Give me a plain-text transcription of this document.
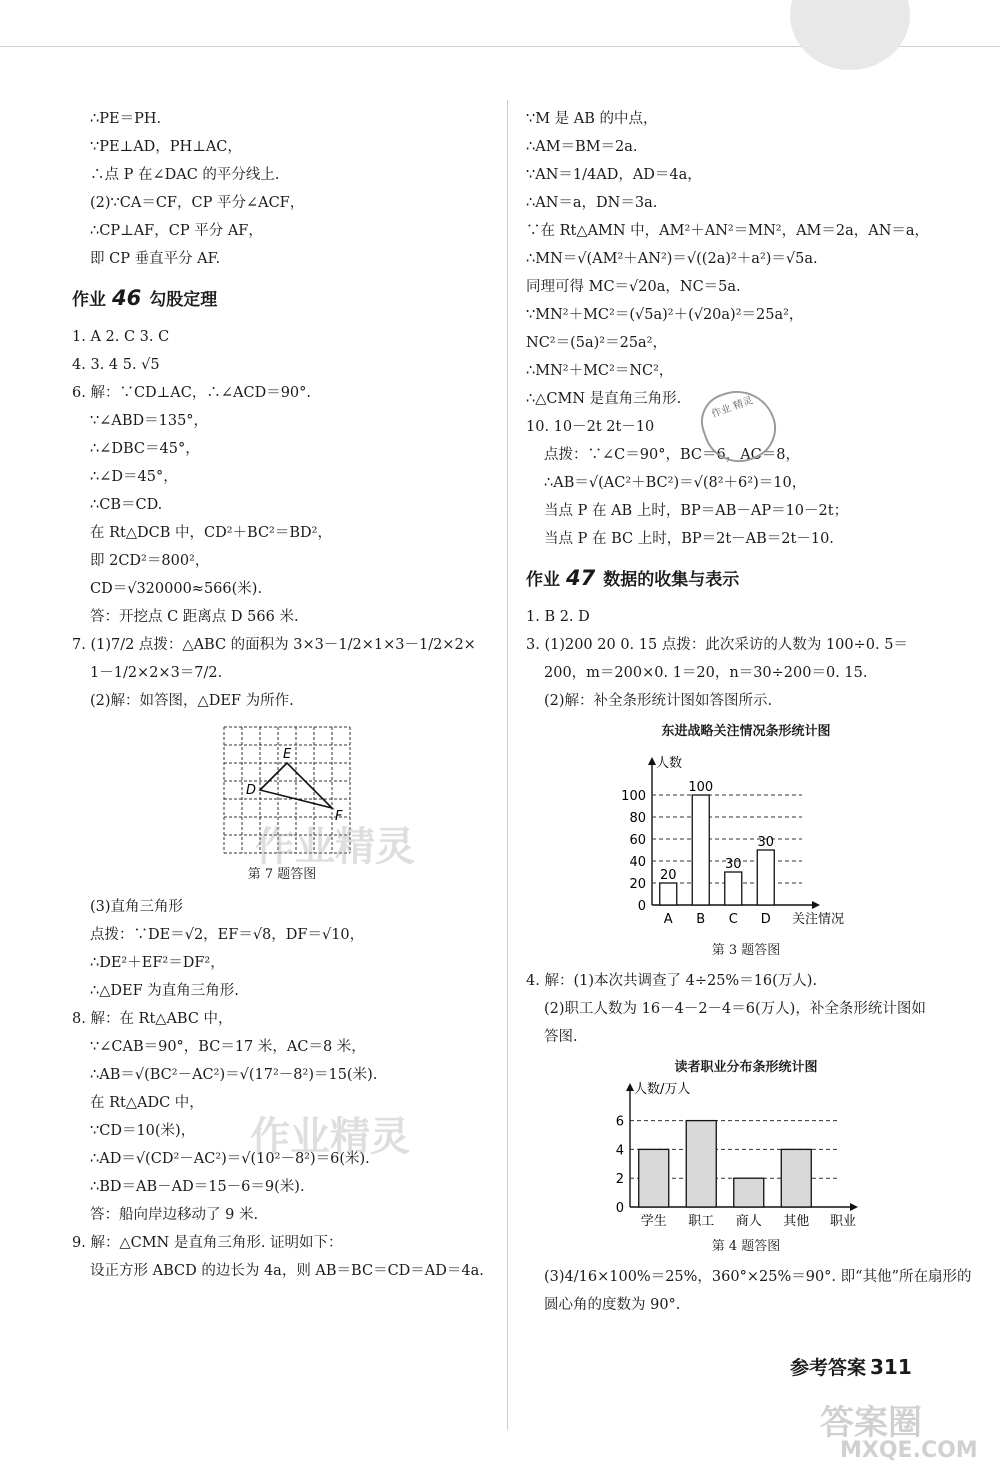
∴PE＝PH.
∵PE⊥AD，PH⊥AC，
∴点 P 在∠DAC 的平分线上.
(2)∵CA＝CF，CP 平分∠ACF，
∴CP⊥AF，CP 平分 AF，
即 CP 垂直平分 AF.
作业 46 勾股定理
1. A 2. C 3. C
4. 3. 4 5. √5
6. 解：∵CD⊥AC，∴∠ACD＝90°.
∵∠ABD＝135°，
∴∠DBC＝45°，
∴∠D＝45°，
∴CB＝CD.
在 Rt△DCB 中，CD²＋BC²＝BD²，
即 2CD²＝800²，
CD＝√320000≈566(米).
答：开挖点 C 距离点 D 566 米.
7. (1)7/2 点拨：△ABC 的面积为 3×3－1/2×1×3－1/2×2×
1－1/2×2×3＝7/2.
(2)解：如答图，△DEF 为所作.
E
D
F
第 7 题答图
(3)直角三角形
点拨：∵DE＝√2，EF＝√8，DF＝√10，
∴DE²＋EF²＝DF²，
∴△DEF 为直角三角形.
8. 解：在 Rt△ABC 中，
∵∠CAB＝90°，BC＝17 米，AC＝8 米，
∴AB＝√(BC²－AC²)＝√(17²－8²)＝15(米).
在 Rt△ADC 中，
∵CD＝10(米)，
∴AD＝√(CD²－AC²)＝√(10²－8²)＝6(米).
∴BD＝AB－AD＝15－6＝9(米).
答：船向岸边移动了 9 米.
9. 解：△CMN 是直角三角形. 证明如下：
设正方形 ABCD 的边长为 4a，则 AB＝BC＝CD＝AD＝4a.
∵M 是 AB 的中点，
∴AM＝BM＝2a.
∵AN＝1/4AD，AD＝4a，
∴AN＝a，DN＝3a.
∵在 Rt△AMN 中，AM²＋AN²＝MN²，AM＝2a，AN＝a，
∴MN＝√(AM²＋AN²)＝√((2a)²＋a²)＝√5a.
同理可得 MC＝√20a，NC＝5a.
∵MN²＋MC²＝(√5a)²＋(√20a)²＝25a²，
NC²＝(5a)²＝25a²，
∴MN²＋MC²＝NC²，
∴△CMN 是直角三角形.
10. 10－2t 2t－10
点拨：∵∠C＝90°，BC＝6，AC＝8，
∴AB＝√(AC²＋BC²)＝√(8²＋6²)＝10，
当点 P 在 AB 上时，BP＝AB－AP＝10－2t；
当点 P 在 BC 上时，BP＝2t－AB＝2t－10.
作业 47 数据的收集与表示
1. B 2. D
3. (1)200 20 0. 15 点拨：此次采访的人数为 100÷0. 5＝
200，m＝200×0. 1＝20，n＝30÷200＝0. 15.
(2)解：补全条形统计图如答图所示.
东进战略关注情况条形统计图
人数
0
20
40
60
80
100
A
20
B
100
C
30
D
30
关注情况
第 3 题答图
4. 解：(1)本次共调查了 4÷25%＝16(万人).
(2)职工人数为 16－4－2－4＝6(万人)，补全条形统计图如
答图.
读者职业分布条形统计图
人数/万人
0
2
4
6
学生 职工 商人 其他 职业
第 4 题答图
(3)4/16×100%＝25%，360°×25%＝90°. 即“其他”所在扇形的
圆心角的度数为 90°.
作业 精灵
作业精灵
作业精灵
参考答案 311
答案圈
MXQE.COM
